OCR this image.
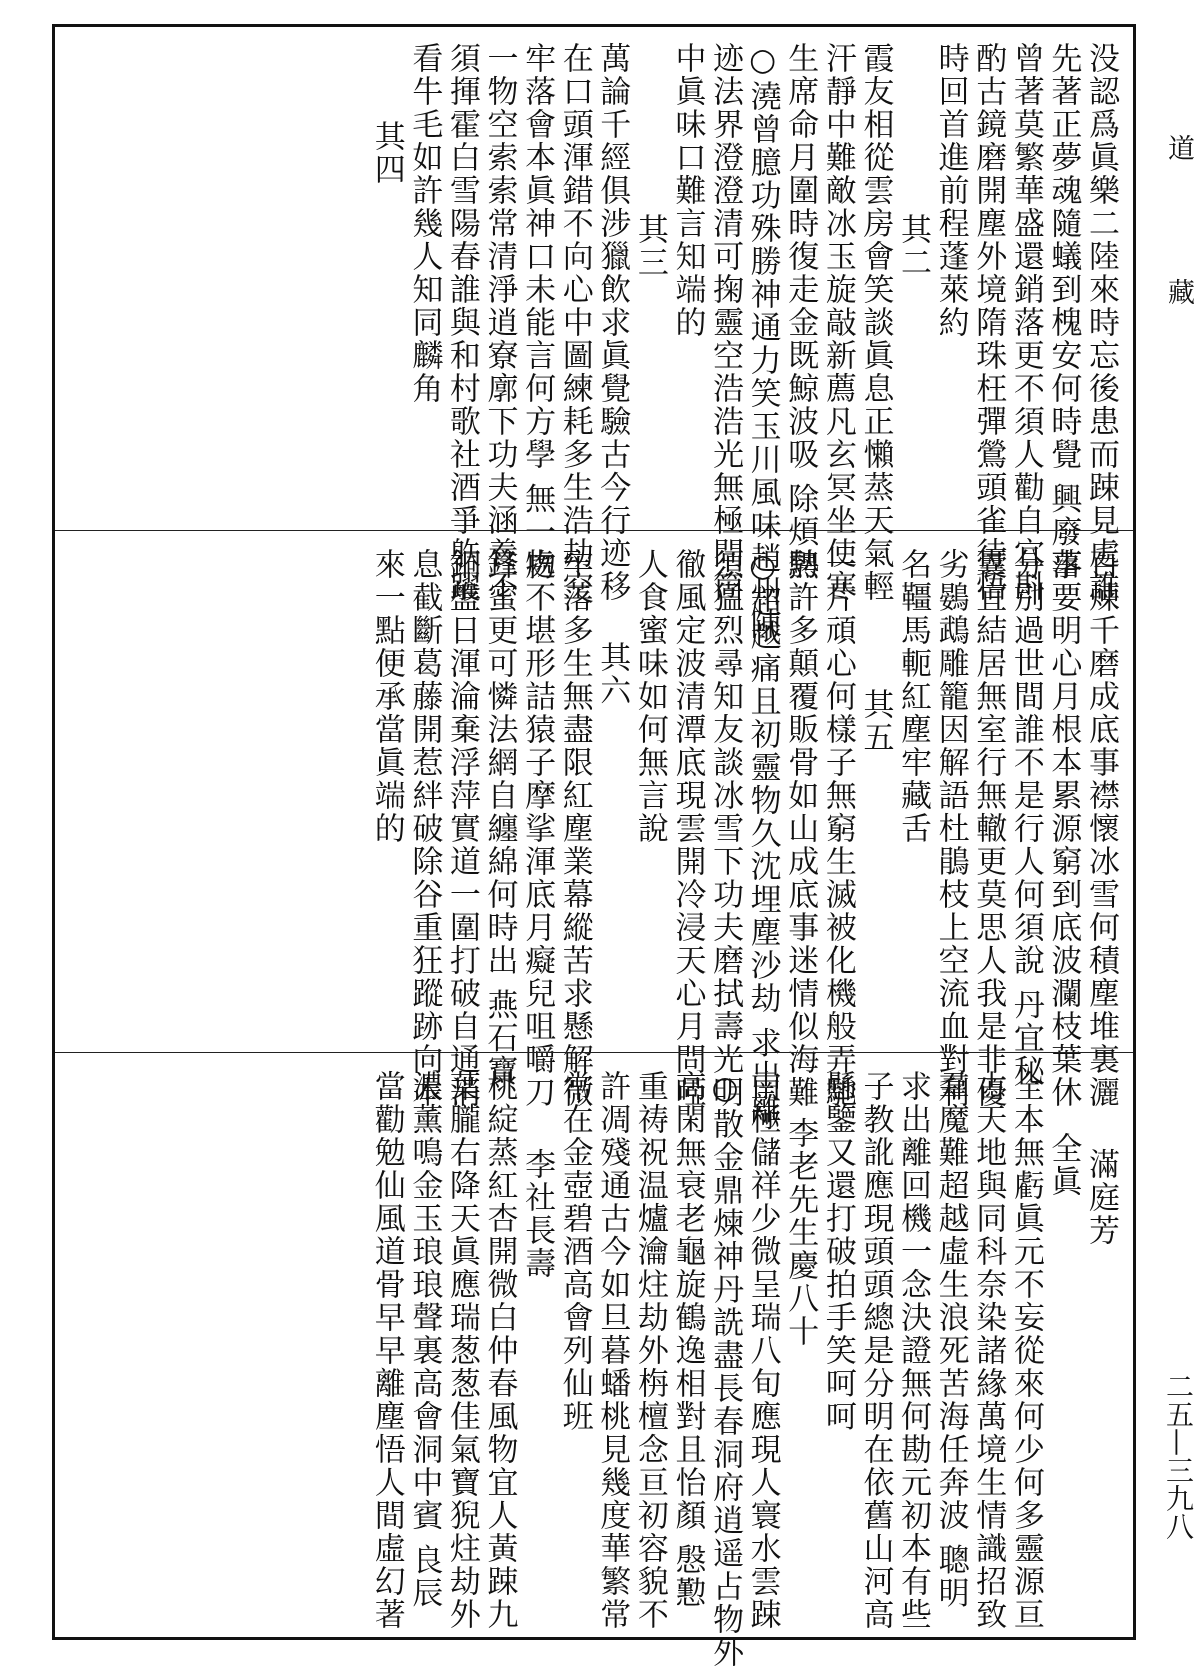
没認爲眞樂二陸來時忘後患而踈見處誰
先著正夢魂隨蟻到槐安何時覺 興廢事
曾著莫繁華盛還銷落更不須人勸自宜斟
酌古鏡磨開塵外境隋珠枉彈鶯頭雀待悟
時回首進前程蓬萊約
其二
霞友相從雲房會笑談眞息正懶蒸天氣輕
汗靜中難敵冰玉旋敲新薦凡玄冥坐使寒
生席命月圍時復走金既鯨波吸 除煩熱
○澆曾臆功殊勝神通力笑玉川風味趙州陳
迹法界澄澄清可掬靈空浩浩光無極問箇
中眞味口難言知端的
其三
萬論千經俱涉獵飲求眞覺驗古今行迹移
在口頭渾錯不向心中圖練耗多生浩劫空
牢落會本眞神口未能言何方學 無一物
一物空索索常清淨逍寮廓下功夫涵養不
須揮霍白雪陽春誰與和村歌社酒爭䠶躍
看牛毛如許幾人知同麟角
其四
百煉千磨成底事襟懷冰雪何積塵堆裏灑
落要明心月根本累源窮到底波瀾枝葉休
分別過世間誰不是行人何須說 丹宜秘
囊宜結居無室行無轍更莫思人我是非優
劣鷃鵡雕籠因解語杜鵑枝上空流血對利
名韁馬軛紅塵牢藏舌
其五
一片頑心何樣子無窮生滅被化機般弄馳
騁許多顛覆販骨如山成底事迷情似海難
○超越痛且初靈物久沈埋塵沙劫 求出離
須猛烈尋知友談冰雪下功夫磨拭壽光明
徹風定波清潭底現雲開冷浸天心月問啞
人食蜜味如何無言說
其六
牢落多生無盡限紅塵業幕縱苦求懸解微
處不堪形詰猿子摩挲渾底月癡兒咀嚼刀
鋒蜜更可憐法網自纏綿何時出 燕石寶
銅盤日渾淪棄浮萍實道一圍打破自通消
息截斷葛藤開惹絆破除谷重狂蹤跡向本
來一點便承當眞端的
滿庭芳
全眞
全本無虧眞元不妄從來何少何多靈源亘
古天地與同科奈染諸緣萬境生情識招致
羣魔難超越虛生浪死苦海任奔波 聰明
求出離回機一念決證無何勘元初本有些
子教訛應現頭頭總是分明在依舊山河高
懸鑒又還打破拍手笑呵呵
李老先生慶八十
南極儲祥少微呈瑞八旬應現人寰水雲踈
○散金鼎煉神丹詵盡長春洞府逍遥占物外
高閑無衰老龜旋鶴逸相對且怡顏 慇懃
重祷祝温爐瀹炷劫外栴檀念亘初容貌不
許凋殘通古今如旦暮蟠桃見幾度華繁常
常在金壺碧酒高會列仙班
李社長壽
桃綻蒸紅杏開微白仲春風物宜人黃踈九
葉朧右降天眞應瑞葱葱佳氣寶猊炷劫外
濃薰鳴金玉琅琅聲裏高會洞中賓 良辰
當勸勉仙風道骨早早離塵悟人間虛幻著
道
藏
二五—三九八
